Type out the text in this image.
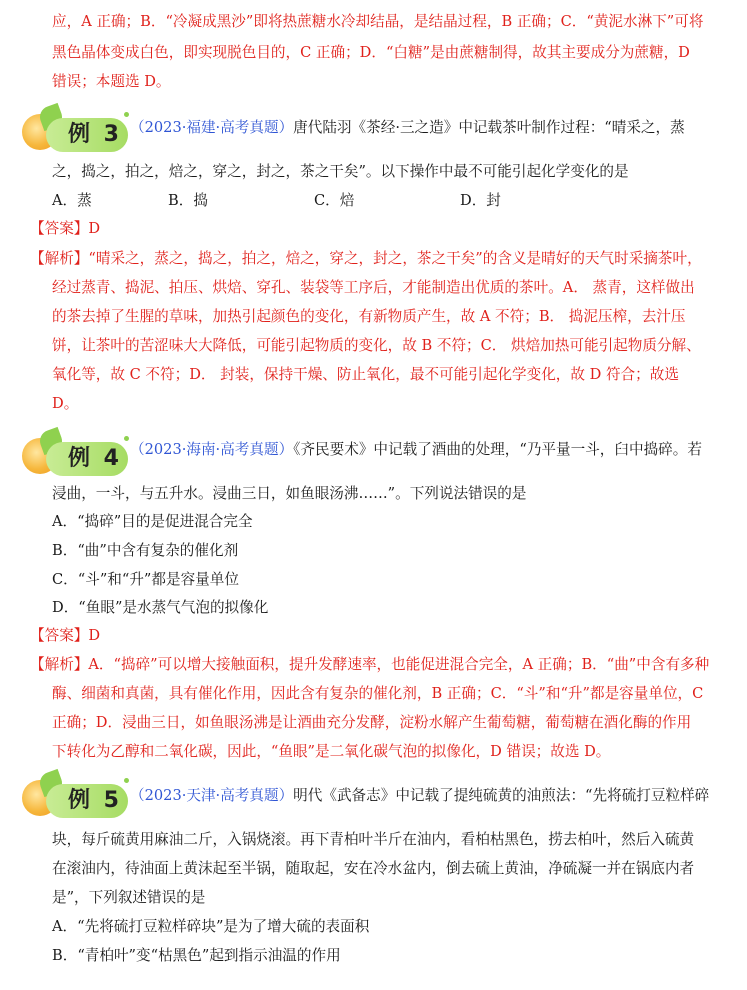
应，A 正确；B．“冷凝成黑沙”即将热蔗糖水冷却结晶，是结晶过程，B 正确；C．“黄泥水淋下”可将
黑色晶体变成白色，即实现脱色目的，C 正确；D．“白糖”是由蔗糖制得，故其主要成分为蔗糖，D
错误；本题选 D。
例 3 （2023·福建·高考真题）唐代陆羽《茶经·三之造》中记载茶叶制作过程：“晴采之，蒸
之，捣之，拍之，焙之，穿之，封之，茶之干矣”。以下操作中最不可能引起化学变化的是
A．蒸	B．捣	C．焙	D．封
【答案】D
【解析】“晴采之，蒸之，捣之，拍之，焙之，穿之，封之，茶之干矣”的含义是晴好的天气时采摘茶叶，
经过蒸青、捣泥、拍压、烘焙、穿孔、装袋等工序后，才能制造出优质的茶叶。A． 蒸青，这样做出
的茶去掉了生腥的草味，加热引起颜色的变化，有新物质产生，故 A 不符；B． 捣泥压榨，去汁压
饼，让茶叶的苦涩味大大降低，可能引起物质的变化，故 B 不符；C． 烘焙加热可能引起物质分解、
氧化等，故 C 不符；D． 封装，保持干燥、防止氧化，最不可能引起化学变化，故 D 符合；故选
D。
例 4 （2023·海南·高考真题）《齐民要术》中记载了酒曲的处理，“乃平量一斗，臼中捣碎。若
浸曲，一斗，与五升水。浸曲三日，如鱼眼汤沸……”。下列说法错误的是
A．“捣碎”目的是促进混合完全
B．“曲”中含有复杂的催化剂
C．“斗”和“升”都是容量单位
D．“鱼眼”是水蒸气气泡的拟像化
【答案】D
【解析】A．“捣碎”可以增大接触面积，提升发酵速率，也能促进混合完全，A 正确；B．“曲”中含有多种
酶、细菌和真菌，具有催化作用，因此含有复杂的催化剂，B 正确；C．“斗”和“升”都是容量单位，C
正确；D．浸曲三日，如鱼眼汤沸是让酒曲充分发酵，淀粉水解产生葡萄糖，葡萄糖在酒化酶的作用
下转化为乙醇和二氧化碳，因此，“鱼眼”是二氧化碳气泡的拟像化，D 错误；故选 D。
例 5 （2023·天津·高考真题）明代《武备志》中记载了提纯硫黄的油煎法：“先将硫打豆粒样碎
块，每斤硫黄用麻油二斤，入锅烧滚。再下青柏叶半斤在油内，看柏枯黑色，捞去柏叶，然后入硫黄
在滚油内，待油面上黄沫起至半锅，随取起，安在冷水盆内，倒去硫上黄油，净硫凝一并在锅底内者
是”，下列叙述错误的是
A．“先将硫打豆粒样碎块”是为了增大硫的表面积
B．“青柏叶”变“枯黑色”起到指示油温的作用
